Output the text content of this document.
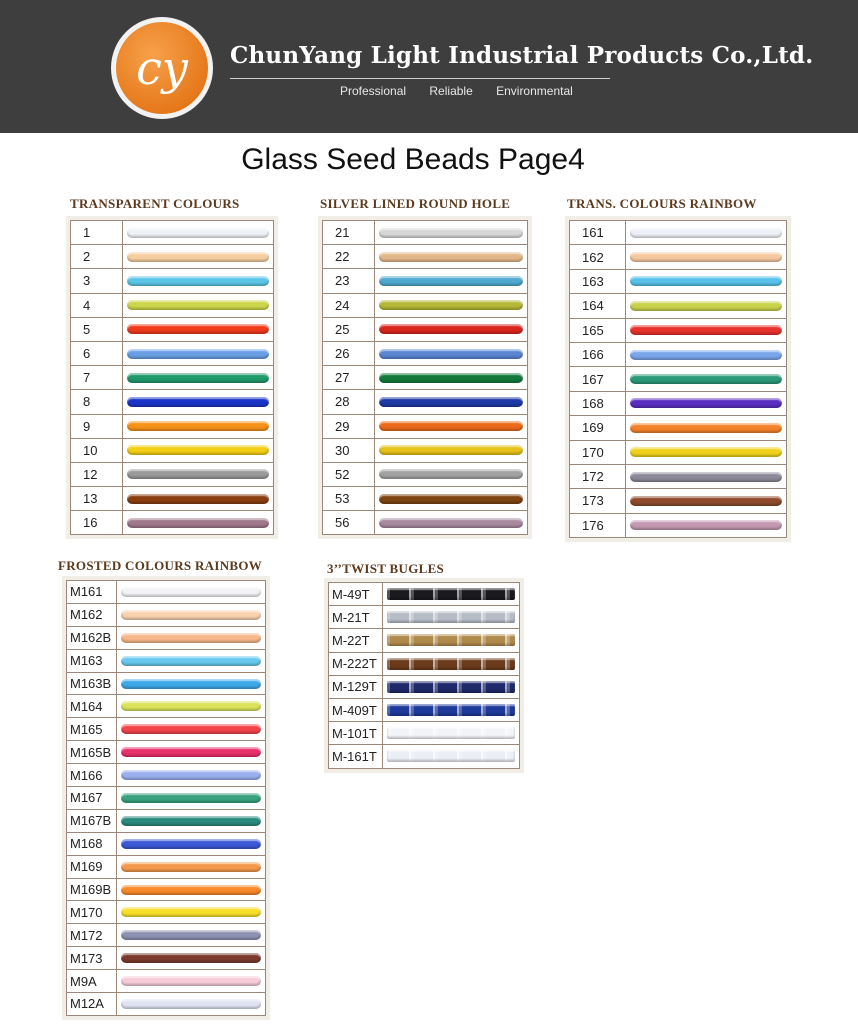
cy	ChunYang Light Industrial Products Co.,Ltd.
Professional Reliable Environmental
Glass Seed Beads Page4
TRANSPARENT COLOURS	SILVER LINED ROUND HOLE	TRANS. COLOURS RAINBOW
FROSTED COLOURS RAINBOW	3’’TWIST BUGLES
1	

2	

3	

4	

5	

6	

7	

8	

9	

10	

12	

13	

16	
21	

22	

23	

24	

25	

26	

27	

28	

29	

30	

52	

53	

56	
161	

162	

163	

164	

165	

166	

167	

168	

169	

170	

172	

173	

176	
M161	

M162	

M162B	

M163	

M163B	

M164	

M165	

M165B	

M166	

M167	

M167B	

M168	

M169	

M169B	

M170	

M172	

M173	

M9A	

M12A	
M-49T	

M-21T	

M-22T	

M-222T	

M-129T	

M-409T	

M-101T	

M-161T	
